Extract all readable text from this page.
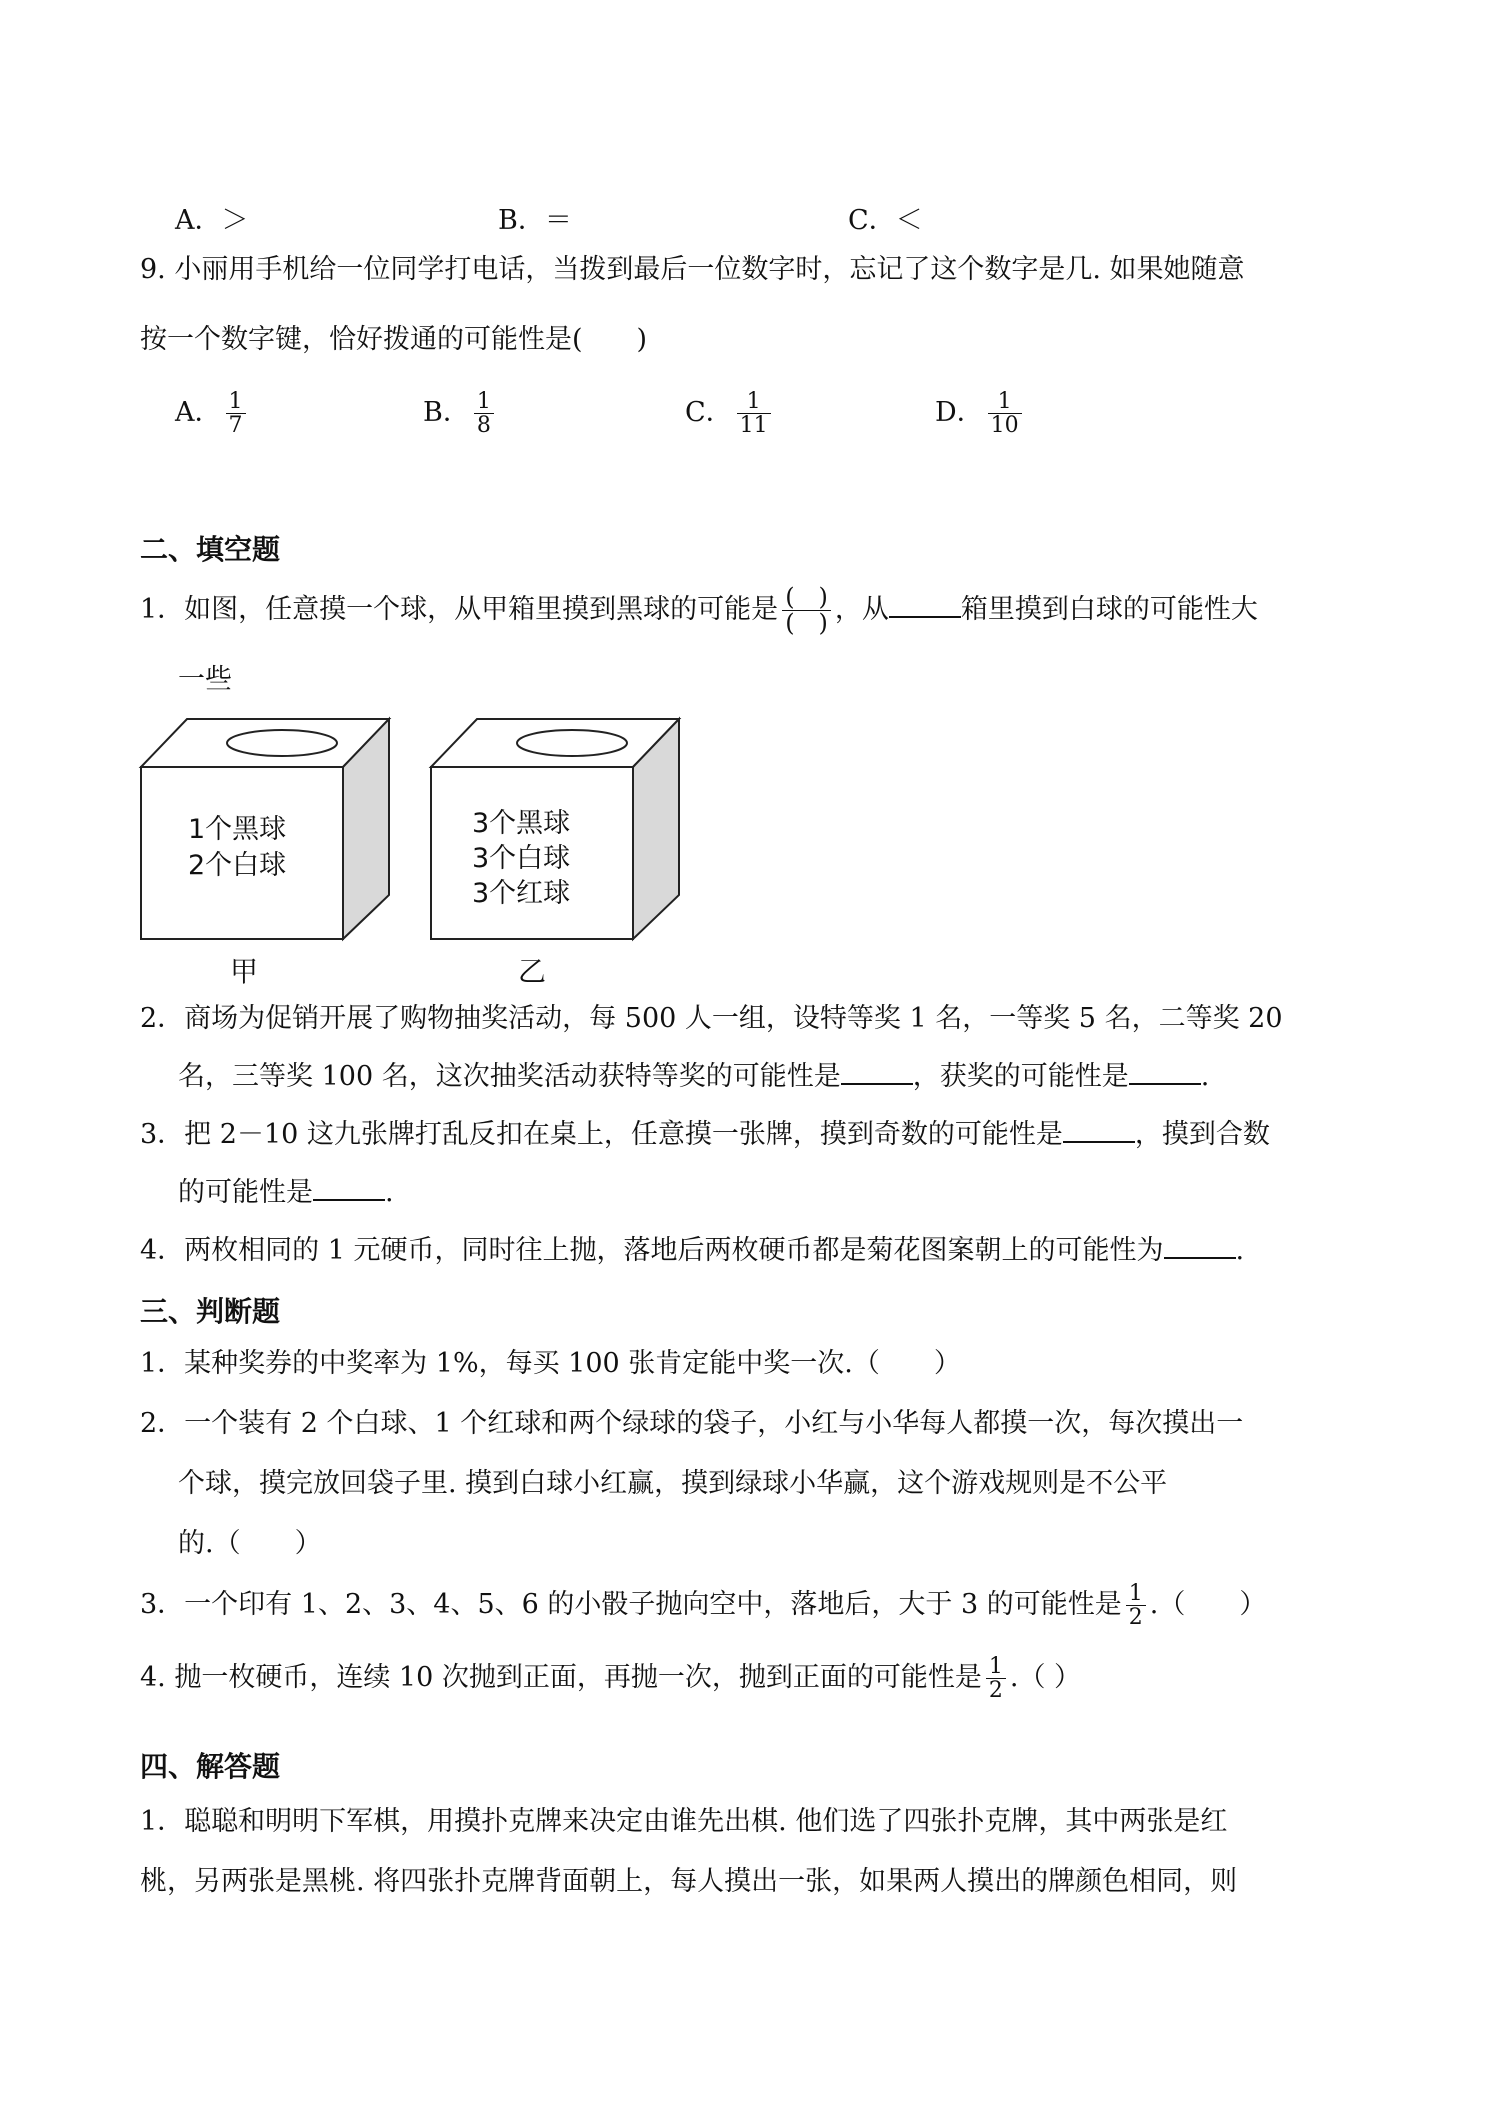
A．＞	B．＝	C．＜
9. 小丽用手机给一位同学打电话，当拨到最后一位数字时，忘记了这个数字是几. 如果她随意
按一个数字键，恰好拨通的可能性是(　　)
A． $\frac{1}{7}$	B． $\frac{1}{8}$	C． $\frac{1}{11}$	D． $\frac{1}{10}$
二、填空题
1．如图，任意摸一个球，从甲箱里摸到黑球的可能是 $\frac{( )}{( )}$ ，从	箱里摸到白球的可能性大
一些
1个黑球
2个白球
3个黑球
3个白球
3个红球
甲	乙
2．商场为促销开展了购物抽奖活动，每 500 人一组，设特等奖 1 名，一等奖 5 名，二等奖 20
名，三等奖 100 名，这次抽奖活动获特等奖的可能性是	，获奖的可能性是	.
3．把 2－10 这九张牌打乱反扣在桌上，任意摸一张牌，摸到奇数的可能性是	，摸到合数
的可能性是	.
4．两枚相同的 1 元硬币，同时往上抛，落地后两枚硬币都是菊花图案朝上的可能性为	.
三、判断题
1．某种奖券的中奖率为 1%，每买 100 张肯定能中奖一次.（　　）
2．一个装有 2 个白球、1 个红球和两个绿球的袋子，小红与小华每人都摸一次，每次摸出一
个球，摸完放回袋子里. 摸到白球小红赢，摸到绿球小华赢，这个游戏规则是不公平
的.（　　）
3．一个印有 1、2、3、4、5、6 的小骰子抛向空中，落地后，大于 3 的可能性是 $\frac{1}{2}$ .（　　）
4. 抛一枚硬币，连续 10 次抛到正面，再抛一次，抛到正面的可能性是 $\frac{1}{2}$ .（ ）
四、解答题
1．聪聪和明明下军棋，用摸扑克牌来决定由谁先出棋. 他们选了四张扑克牌，其中两张是红
桃，另两张是黑桃. 将四张扑克牌背面朝上，每人摸出一张，如果两人摸出的牌颜色相同，则
